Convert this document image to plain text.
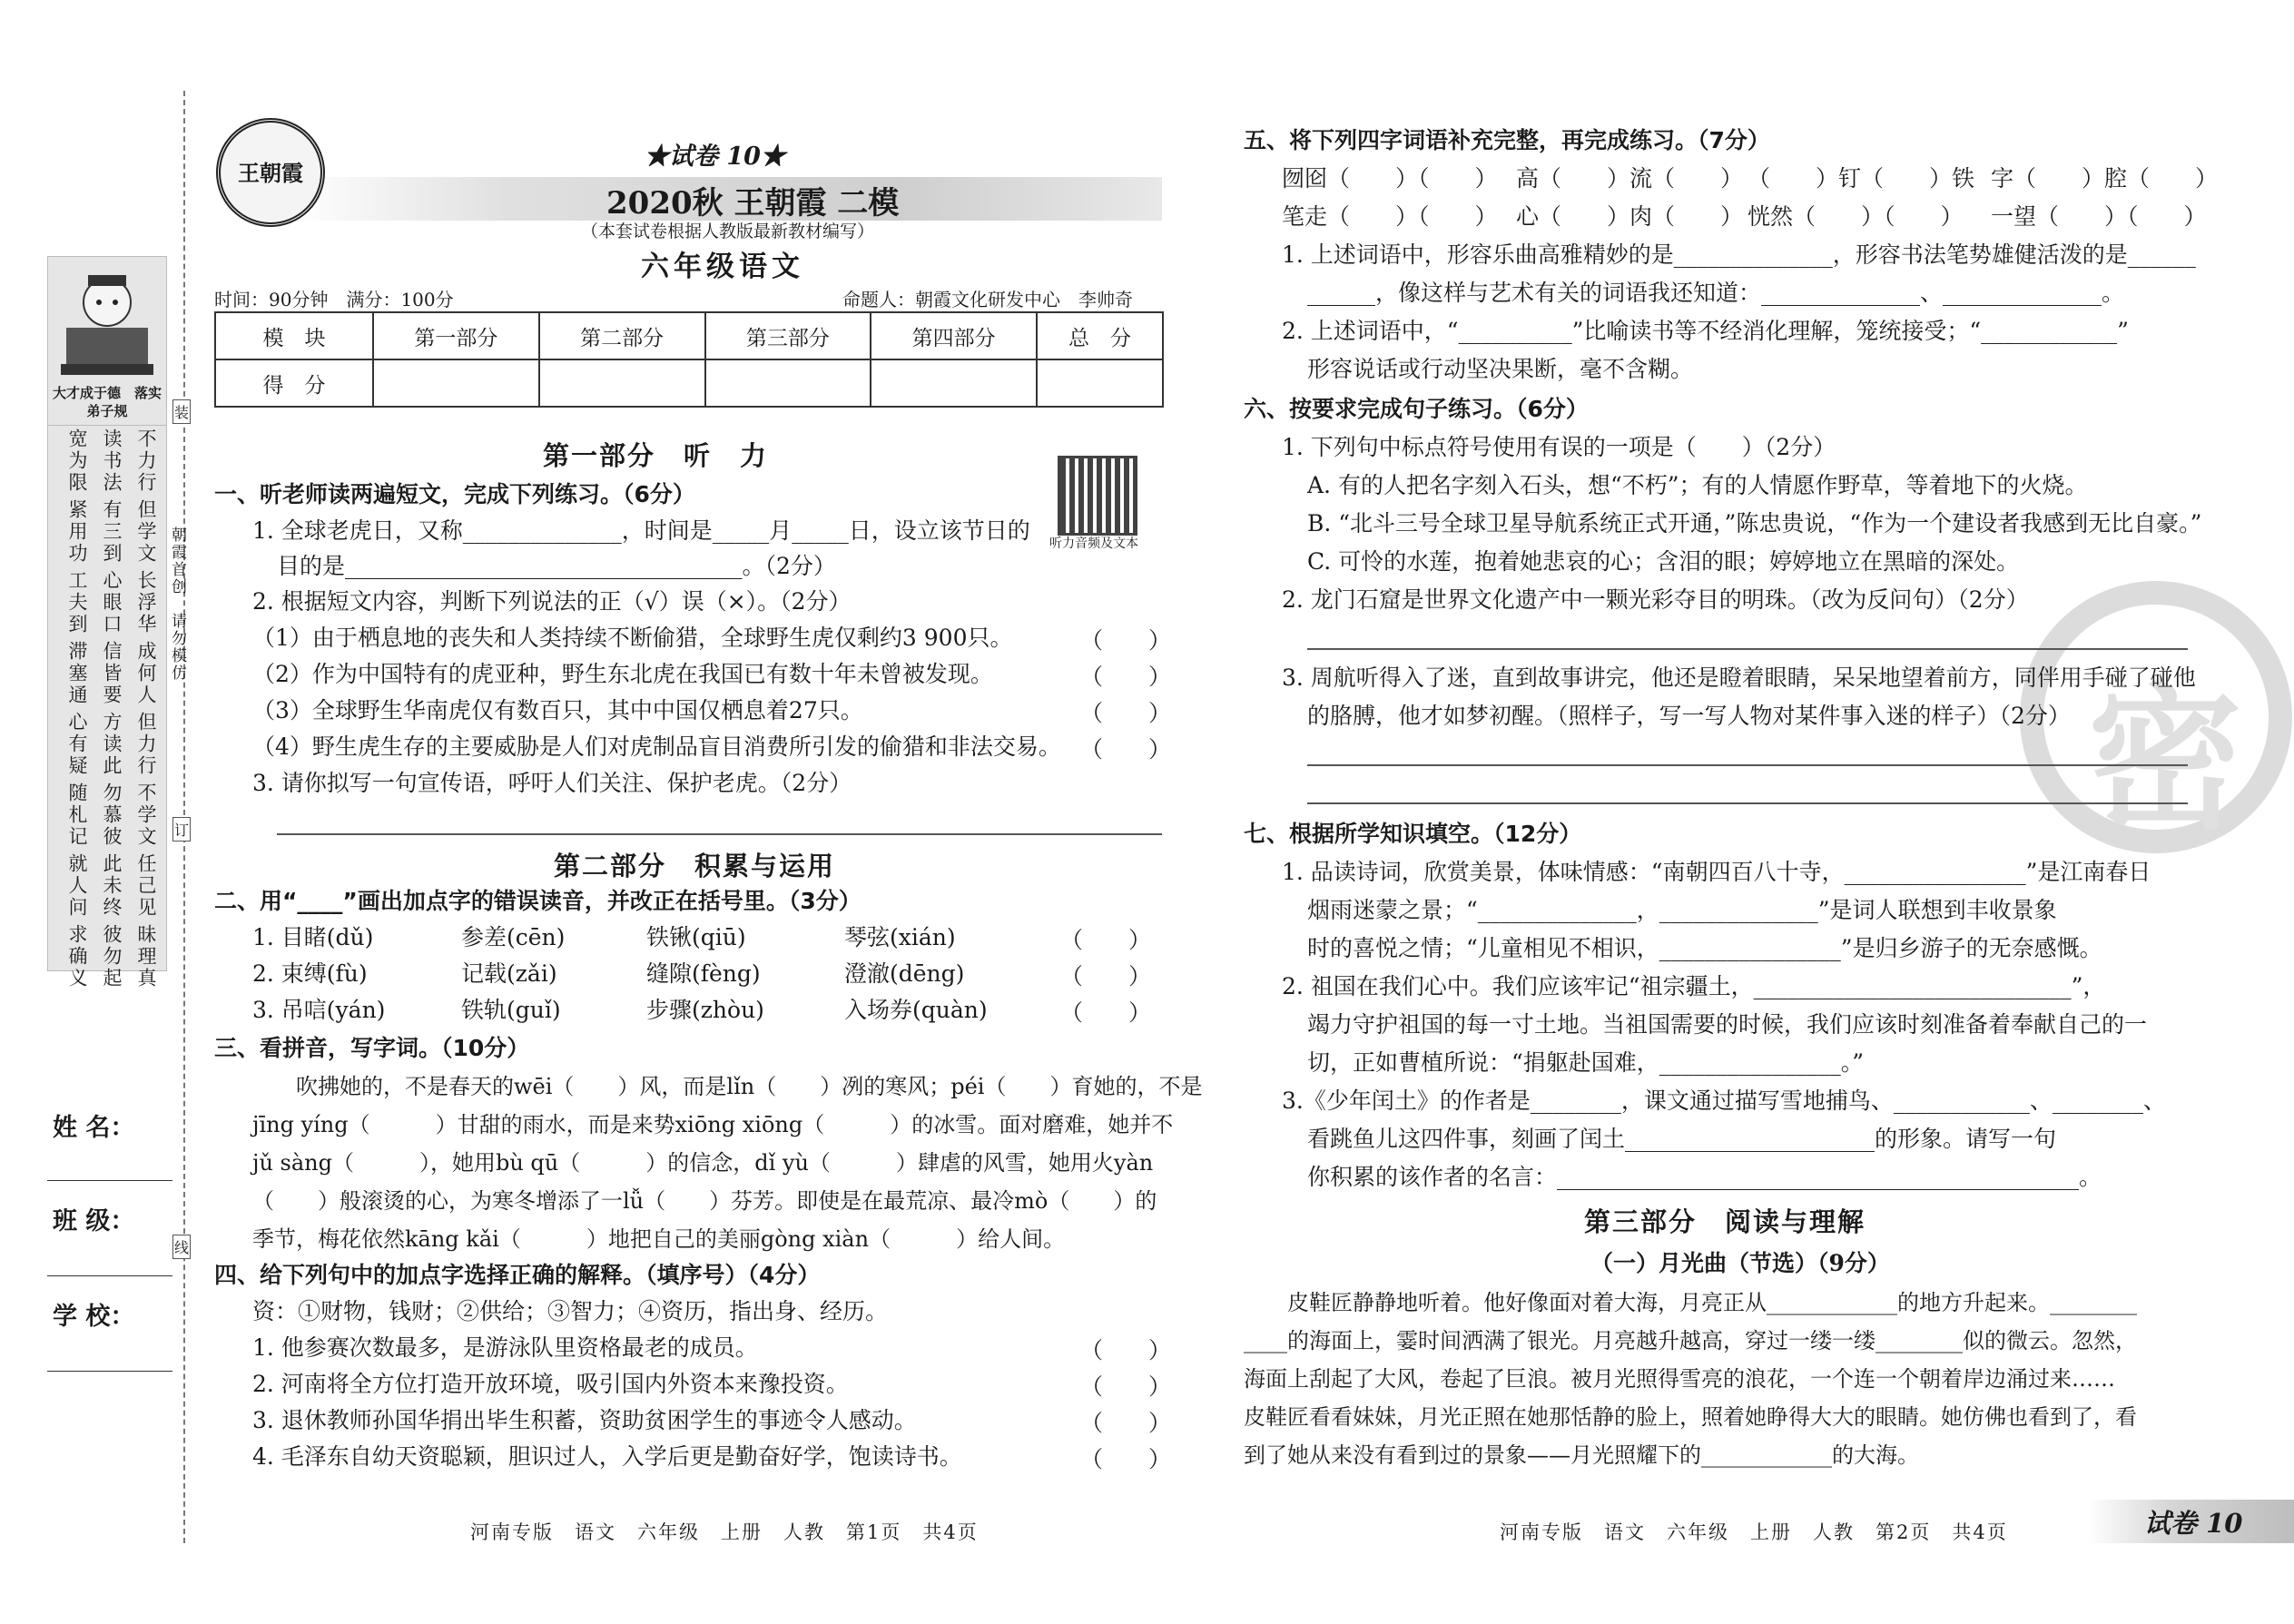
大才成于德　落实弟子规
不力行
但学文
长浮华
成何人
但力行
不学文
任己见
昧理真
读书法
有三到
心眼口
信皆要
方读此
勿慕彼
此未终
彼勿起
宽为限
紧用功
工夫到
滞塞通
心有疑
随札记
就人问
求确义
装
订
线
朝霞首创　请勿模仿
姓 名：
班 级：
学 校：
王朝霞
★试卷 10★
2020秋 王朝霞 二模
（本套试卷根据人教版最新教材编写）
六年级语文
时间：90分钟　满分：100分	命题人：朝霞文化研发中心　李帅奇
模　块	第一部分	第二部分	第三部分	第四部分	总　分
得　分					
第一部分　听　力
听力音频及文本
一、听老师读两遍短文，完成下列练习。（6分）
1. 全球老虎日，又称______________，时间是_____月_____日，设立该节日的
目的是___________________________________。（2分）
2. 根据短文内容，判断下列说法的正（√）误（×）。（2分）
（1）由于栖息地的丧失和人类持续不断偷猎，全球野生虎仅剩约3 900只。	（　　）
（2）作为中国特有的虎亚种，野生东北虎在我国已有数十年未曾被发现。	（　　）
（3）全球野生华南虎仅有数百只，其中中国仅栖息着27只。	（　　）
（4）野生虎生存的主要威胁是人们对虎制品盲目消费所引发的偷猎和非法交易。 （　　）
3. 请你拟写一句宣传语，呼吁人们关注、保护老虎。（2分）
第二部分　积累与运用
二、用“____”画出加点字的错误读音，并改正在括号里。（3分）
1. 目睹(dǔ)	参差(cēn)	铁锹(qiū)	琴弦(xián)	（　　）
2. 束缚(fù)	记载(zǎi)	缝隙(fèng)	澄澈(dēng)	（　　）
3. 吊唁(yán)	铁轨(guǐ)	步骤(zhòu)	入场券(quàn)	（　　）
三、看拼音，写字词。（10分）
吹拂她的，不是春天的wēi（　　）风，而是lǐn（　　）冽的寒风；péi（　　）育她的，不是
jīng yíng（　　　）甘甜的雨水，而是来势xiōng xiōng（　　　）的冰雪。面对磨难，她并不
jǔ sàng（　　　），她用bù qū（　　　）的信念，dǐ yù（　　　）肆虐的风雪，她用火yàn
（　　）般滚烫的心，为寒冬增添了一lǚ（　　）芬芳。即使是在最荒凉、最冷mò（　　）的
季节，梅花依然kāng kǎi（　　　）地把自己的美丽gòng xiàn（　　　）给人间。
四、给下列句中的加点字选择正确的解释。（填序号）（4分）
资：①财物，钱财；②供给；③智力；④资历，指出身、经历。
1. 他参赛次数最多，是游泳队里资格最老的成员。	（　　）
2. 河南将全方位打造开放环境，吸引国内外资本来豫投资。	（　　）
3. 退休教师孙国华捐出毕生积蓄，资助贫困学生的事迹令人感动。	（　　）
4. 毛泽东自幼天资聪颖，胆识过人，入学后更是勤奋好学，饱读诗书。	（　　）
河南专版　语文　六年级　上册　人教　第1页　共4页
密
五、将下列四字词语补充完整，再完成练习。（7分）
囫囵（　　）（　　） 高（　　）流（　　） （　　）钉（　　）铁 字（　　）腔（　　）
笔走（　　）（　　） 心（　　）肉（　　） 恍然（　　）（　　） 一望（　　）（　　）
1. 上述词语中，形容乐曲高雅精妙的是______________，形容书法笔势雄健活泼的是______
______，像这样与艺术有关的词语我还知道：______________、______________。
2. 上述词语中，“__________”比喻读书等不经消化理解，笼统接受；“____________”
形容说话或行动坚决果断，毫不含糊。
六、按要求完成句子练习。（6分）
1. 下列句中标点符号使用有误的一项是（　　）（2分）
A. 有的人把名字刻入石头，想“不朽”；有的人情愿作野草，等着地下的火烧。
B. “北斗三号全球卫星导航系统正式开通，”陈忠贵说，“作为一个建设者我感到无比自豪。”
C. 可怜的水莲，抱着她悲哀的心；含泪的眼；婷婷地立在黑暗的深处。
2. 龙门石窟是世界文化遗产中一颗光彩夺目的明珠。（改为反问句）（2分）
3. 周航听得入了迷，直到故事讲完，他还是瞪着眼睛，呆呆地望着前方，同伴用手碰了碰他
的胳膊，他才如梦初醒。（照样子，写一写人物对某件事入迷的样子）（2分）
七、根据所学知识填空。（12分）
1. 品读诗词，欣赏美景，体味情感：“南朝四百八十寺，________________”是江南春日
烟雨迷蒙之景；“______________，______________”是词人联想到丰收景象
时的喜悦之情；“儿童相见不相识，________________”是归乡游子的无奈感慨。
2. 祖国在我们心中。我们应该牢记“祖宗疆土，____________________________”，
竭力守护祖国的每一寸土地。当祖国需要的时候，我们应该时刻准备着奉献自己的一
切，正如曹植所说：“捐躯赴国难，________________。”
3.《少年闰土》的作者是________，课文通过描写雪地捕鸟、____________、________、
看跳鱼儿这四件事，刻画了闰土______________________的形象。请写一句
你积累的该作者的名言：______________________________________________。
第三部分　阅读与理解
（一）月光曲（节选）（9分）
皮鞋匠静静地听着。他好像面对着大海，月亮正从____________的地方升起来。________
____的海面上，霎时间洒满了银光。月亮越升越高，穿过一缕一缕________似的微云。忽然，
海面上刮起了大风，卷起了巨浪。被月光照得雪亮的浪花，一个连一个朝着岸边涌过来……
皮鞋匠看看妹妹，月光正照在她那恬静的脸上，照着她睁得大大的眼睛。她仿佛也看到了，看
到了她从来没有看到过的景象——月光照耀下的____________的大海。
河南专版　语文　六年级　上册　人教　第2页　共4页	试卷 10
